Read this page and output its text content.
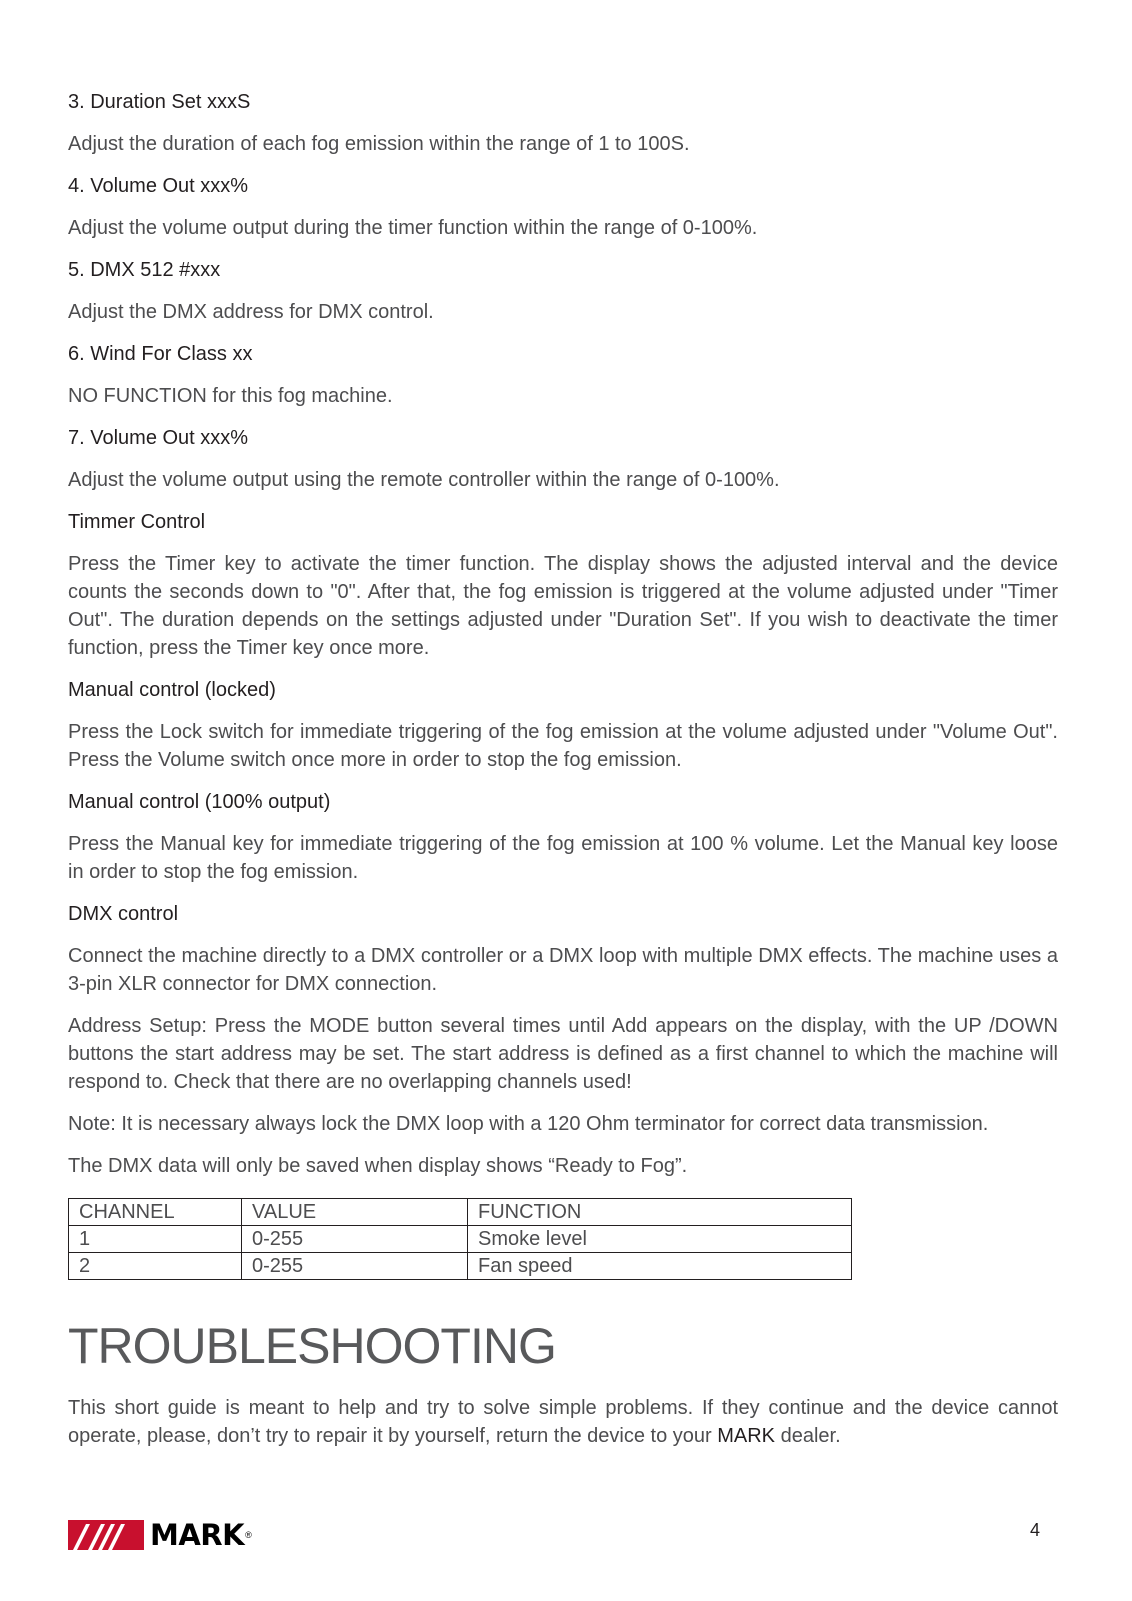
3. Duration Set xxxS

Adjust the duration of each fog emission within the range of 1 to 100S.

4. Volume Out xxx%

Adjust the volume output during the timer function within the range of 0-100%.

5. DMX 512 #xxx

Adjust the DMX address for DMX control.

6. Wind For Class xx

NO FUNCTION for this fog machine.

7. Volume Out xxx%

Adjust the volume output using the remote controller within the range of 0-100%.

Timmer Control

Press the Timer key to activate the timer function. The display shows the adjusted interval and the device counts the seconds down to "0". After that, the fog emission is triggered at the volume adjusted under "Timer Out". The duration depends on the settings adjusted under "Duration Set". If you wish to deactivate the timer function, press the Timer key once more.

Manual control (locked)

Press the Lock switch for immediate triggering of the fog emission at the volume adjusted under "Volume Out". Press the Volume switch once more in order to stop the fog emission.

Manual control (100% output)

Press the Manual key for immediate triggering of the fog emission at 100 % volume. Let the Manual key loose in order to stop the fog emission.

DMX control

Connect the machine directly to a DMX controller or a DMX loop with multiple DMX effects. The machine uses a 3-pin XLR connector for DMX connection.

Address Setup: Press the MODE button several times until Add appears on the display, with the UP /DOWN buttons the start address may be set. The start address is defined as a first channel to which the machine will respond to. Check that there are no overlapping channels used!

Note: It is necessary always lock the DMX loop with a 120 Ohm terminator for correct data transmission.

The DMX data will only be saved when display shows “Ready to Fog”.

CHANNEL	VALUE	FUNCTION
1	0-255	Smoke level
2	0-255	Fan speed
TROUBLESHOOTING

This short guide is meant to help and try to solve simple problems. If they continue and the device cannot operate, please, don’t try to repair it by yourself, return the device to your MARK dealer.

MARK ®	4
